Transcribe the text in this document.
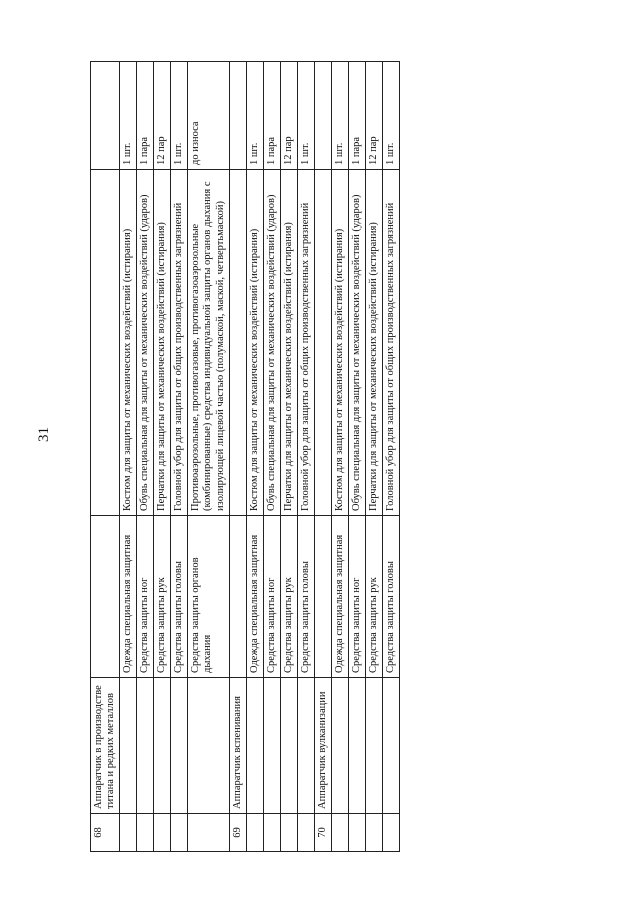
31
68	Аппаратчик в производстве титана и редких металлов			
		Одежда специальная защитная	Костюм для защиты от механических воздействий (истирания)	1 шт.
		Средства защиты ног	Обувь специальная для защиты от механических воздействий (ударов)	1 пара
		Средства защиты рук	Перчатки для защиты от механических воздействий (истирания)	12 пар
		Средства защиты головы	Головной убор для защиты от общих производственных загрязнений	1 шт.
		Средства защиты органов дыхания	Противоаэрозольные, противогазовые, противогазоаэрозольные (комбинированные) средства индивидуальной защиты органов дыхания с изолирующей лицевой частью (полумаской, маской, четвертьмаской)	до износа
69	Аппаратчик вспенивания			
		Одежда специальная защитная	Костюм для защиты от механических воздействий (истирания)	1 шт.
		Средства защиты ног	Обувь специальная для защиты от механических воздействий (ударов)	1 пара
		Средства защиты рук	Перчатки для защиты от механических воздействий (истирания)	12 пар
		Средства защиты головы	Головной убор для защиты от общих производственных загрязнений	1 шт.
70	Аппаратчик вулканизации			
		Одежда специальная защитная	Костюм для защиты от механических воздействий (истирания)	1 шт.
		Средства защиты ног	Обувь специальная для защиты от механических воздействий (ударов)	1 пара
		Средства защиты рук	Перчатки для защиты от механических воздействий (истирания)	12 пар
		Средства защиты головы	Головной убор для защиты от общих производственных загрязнений	1 шт.
